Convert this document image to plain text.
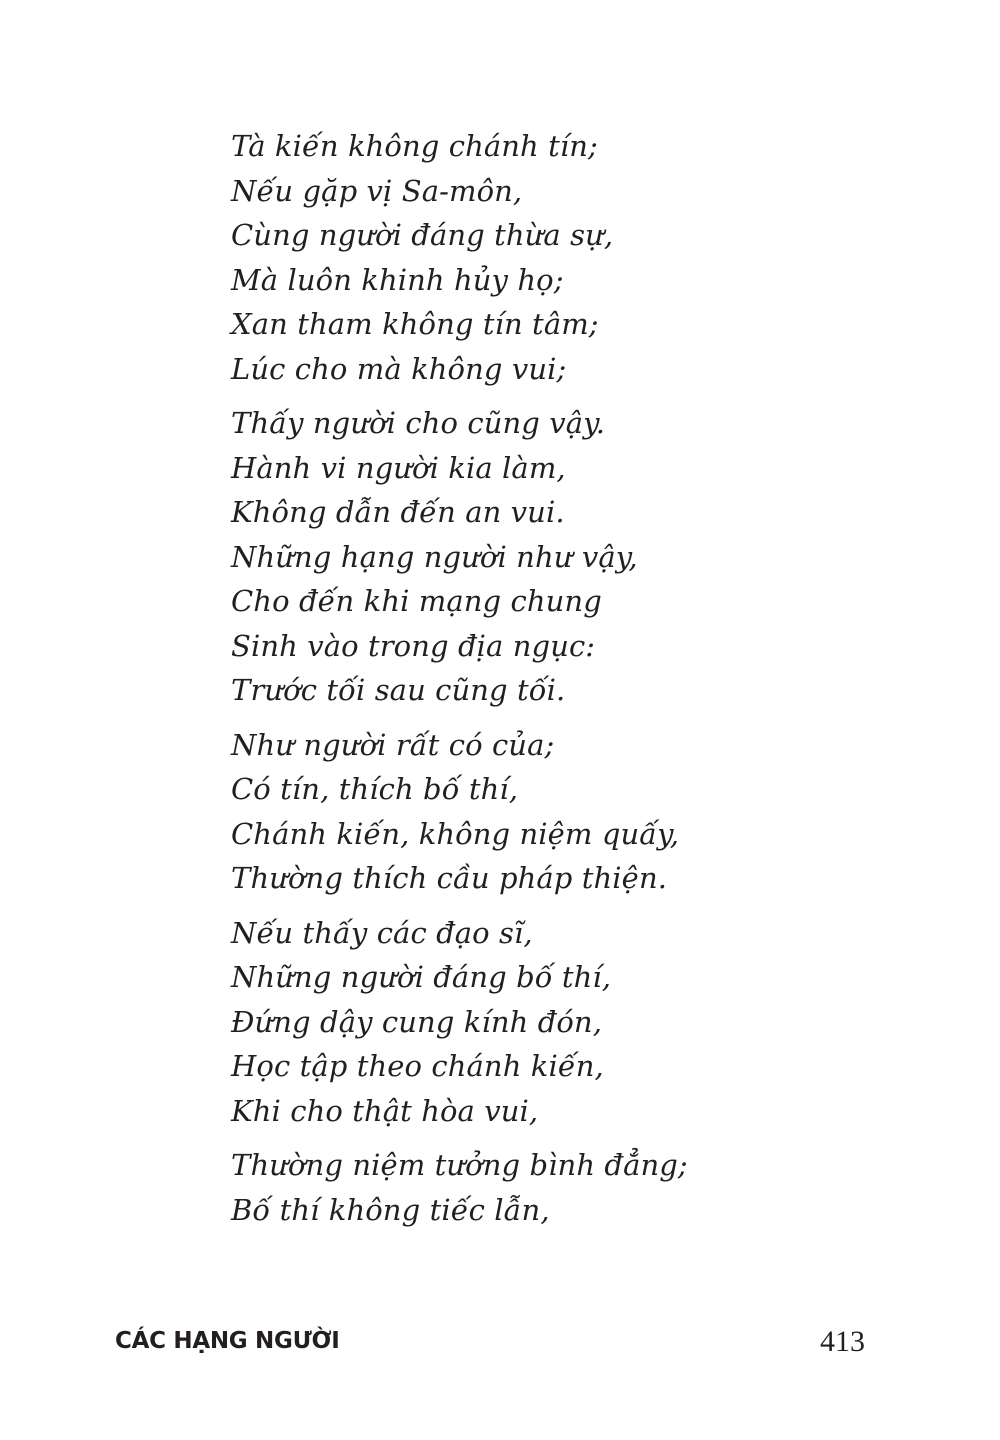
Tà kiến không chánh tín;
Nếu gặp vị Sa-môn,
Cùng người đáng thừa sự,
Mà luôn khinh hủy họ;
Xan tham không tín tâm;
Lúc cho mà không vui;
Thấy người cho cũng vậy.
Hành vi người kia làm,
Không dẫn đến an vui.
Những hạng người như vậy,
Cho đến khi mạng chung
Sinh vào trong địa ngục:
Trước tối sau cũng tối.
Như người rất có của;
Có tín, thích bố thí,
Chánh kiến, không niệm quấy,
Thường thích cầu pháp thiện.
Nếu thấy các đạo sĩ,
Những người đáng bố thí,
Đứng dậy cung kính đón,
Học tập theo chánh kiến,
Khi cho thật hòa vui,
Thường niệm tưởng bình đẳng;
Bố thí không tiếc lẫn,
CÁC HẠNG NGƯỜI	413
